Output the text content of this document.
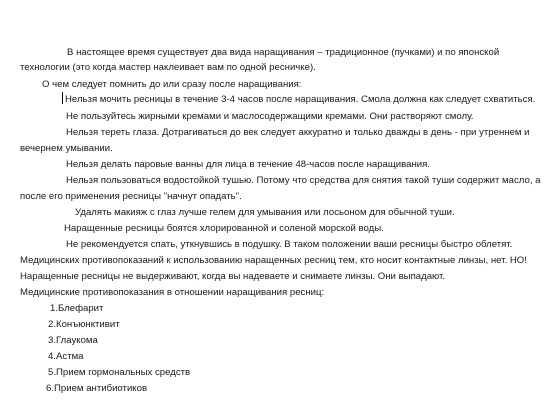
В настоящее время существует два вида наращивания – традиционное (пучками) и по японской
технологии (это когда мастер наклеивает вам по одной ресничке).
О чем следует помнить до или сразу после наращивания:
Нельзя мочить ресницы в течение 3-4 часов после наращивания. Смола должна как следует схватиться.
Не пользуйтесь жирными кремами и маслосодержащими кремами. Они растворяют смолу.
Нельзя тереть глаза. Дотрагиваться до век следует аккуратно и только дважды в день - при утреннем и
вечернем умывании.
Нельзя делать паровые ванны для лица в течение 48-часов после наращивания.
Нельзя пользоваться водостойкой тушью. Потому что средства для снятия такой туши содержит масло, а
после его применения ресницы "начнут опадать".
Удалять макияж с глаз лучше гелем для умывания или лосьоном для обычной туши.
Наращенные ресницы боятся хлорированной и соленой морской воды.
Не рекомендуется спать, уткнувшись в подушку. В таком положении ваши ресницы быстро облетят.
Медицинских противопоказаний к использованию наращенных ресниц тем, кто носит контактные линзы, нет. НО!
Наращенные ресницы не выдерживают, когда вы надеваете и снимаете линзы. Они выпадают.
Медицинские противопоказания в отношении наращивания ресниц:
1.Блефарит
2.Конъюнктивит
3.Глаукома
4.Астма
5.Прием гормональных средств
6.Прием антибиотиков
